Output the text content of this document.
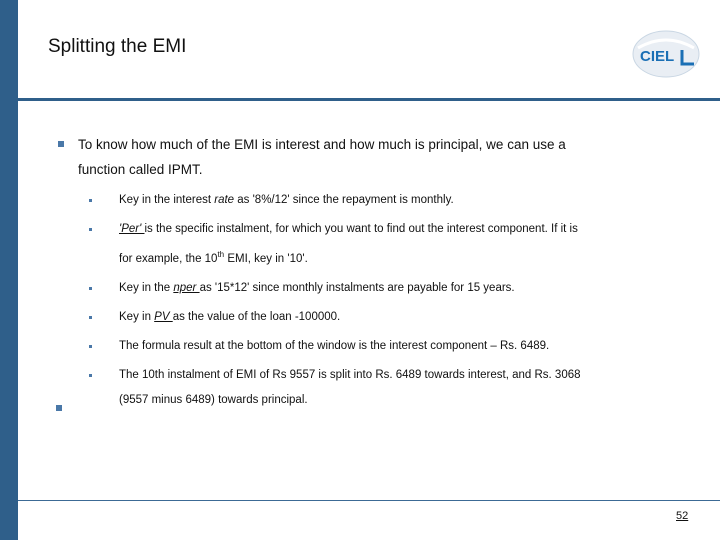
Splitting the EMI	CIEL
To know how much of the EMI is interest and how much is principal, we can use a
function called IPMT.
Key in the interest rate as '8%/12' since the repayment is monthly.
'Per' is the specific instalment, for which you want to find out the interest component. If it is
for example, the 10th EMI, key in '10'.
Key in the nper as '15*12' since monthly instalments are payable for 15 years.
Key in PV as the value of the loan -100000.
The formula result at the bottom of the window is the interest component – Rs. 6489.
The 10th instalment of EMI of Rs 9557 is split into Rs. 6489 towards interest, and Rs. 3068
(9557 minus 6489) towards principal.
52
